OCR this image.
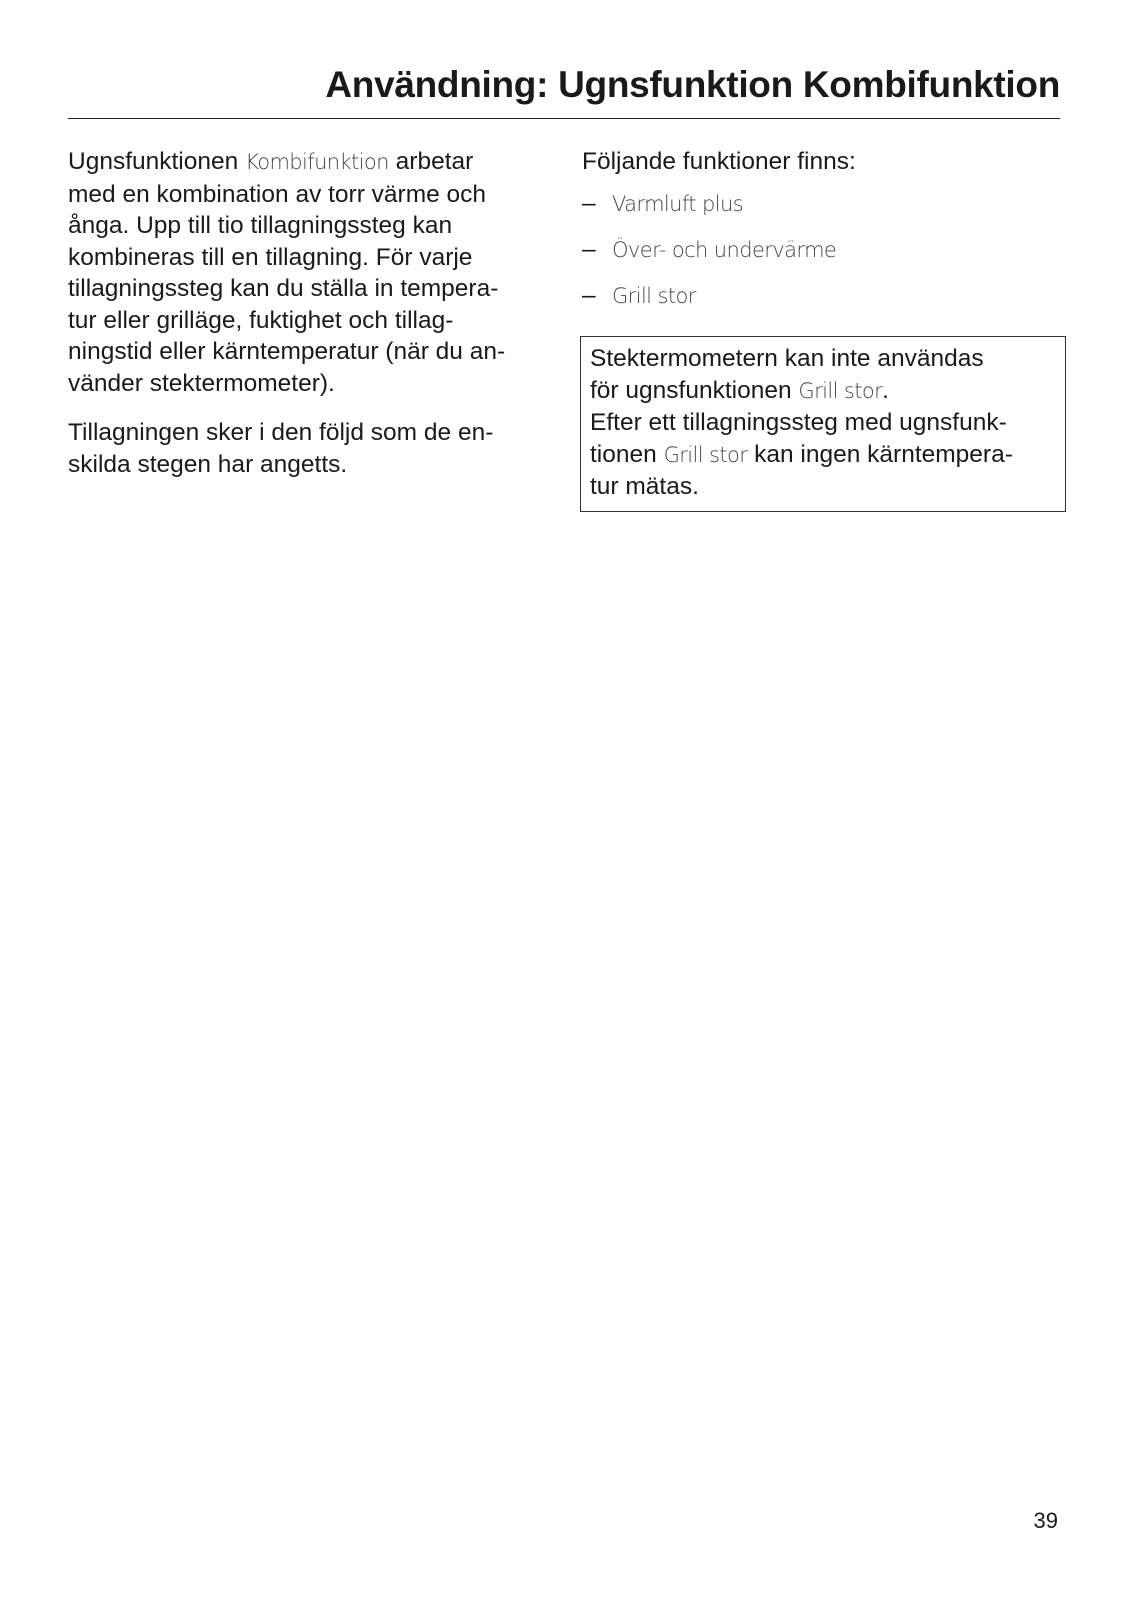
Användning: Ugnsfunktion Kombifunktion

Ugnsfunktionen Kombifunktion arbetar
med en kombination av torr värme och
ånga. Upp till tio tillagningssteg kan
kombineras till en tillagning. För varje
tillagningssteg kan du ställa in tempera-
tur eller grilläge, fuktighet och tillag-
ningstid eller kärntemperatur (när du an-
vänder stektermometer).

Tillagningen sker i den följd som de en-
skilda stegen har angetts.

Följande funktioner finns:

– Varmluft plus
– Över- och undervärme
– Grill stor

Stektermometern kan inte användas

för ugnsfunktionen Grill stor.

Efter ett tillagningssteg med ugnsfunk-

tionen Grill stor kan ingen kärntempera-

tur mätas.

39
